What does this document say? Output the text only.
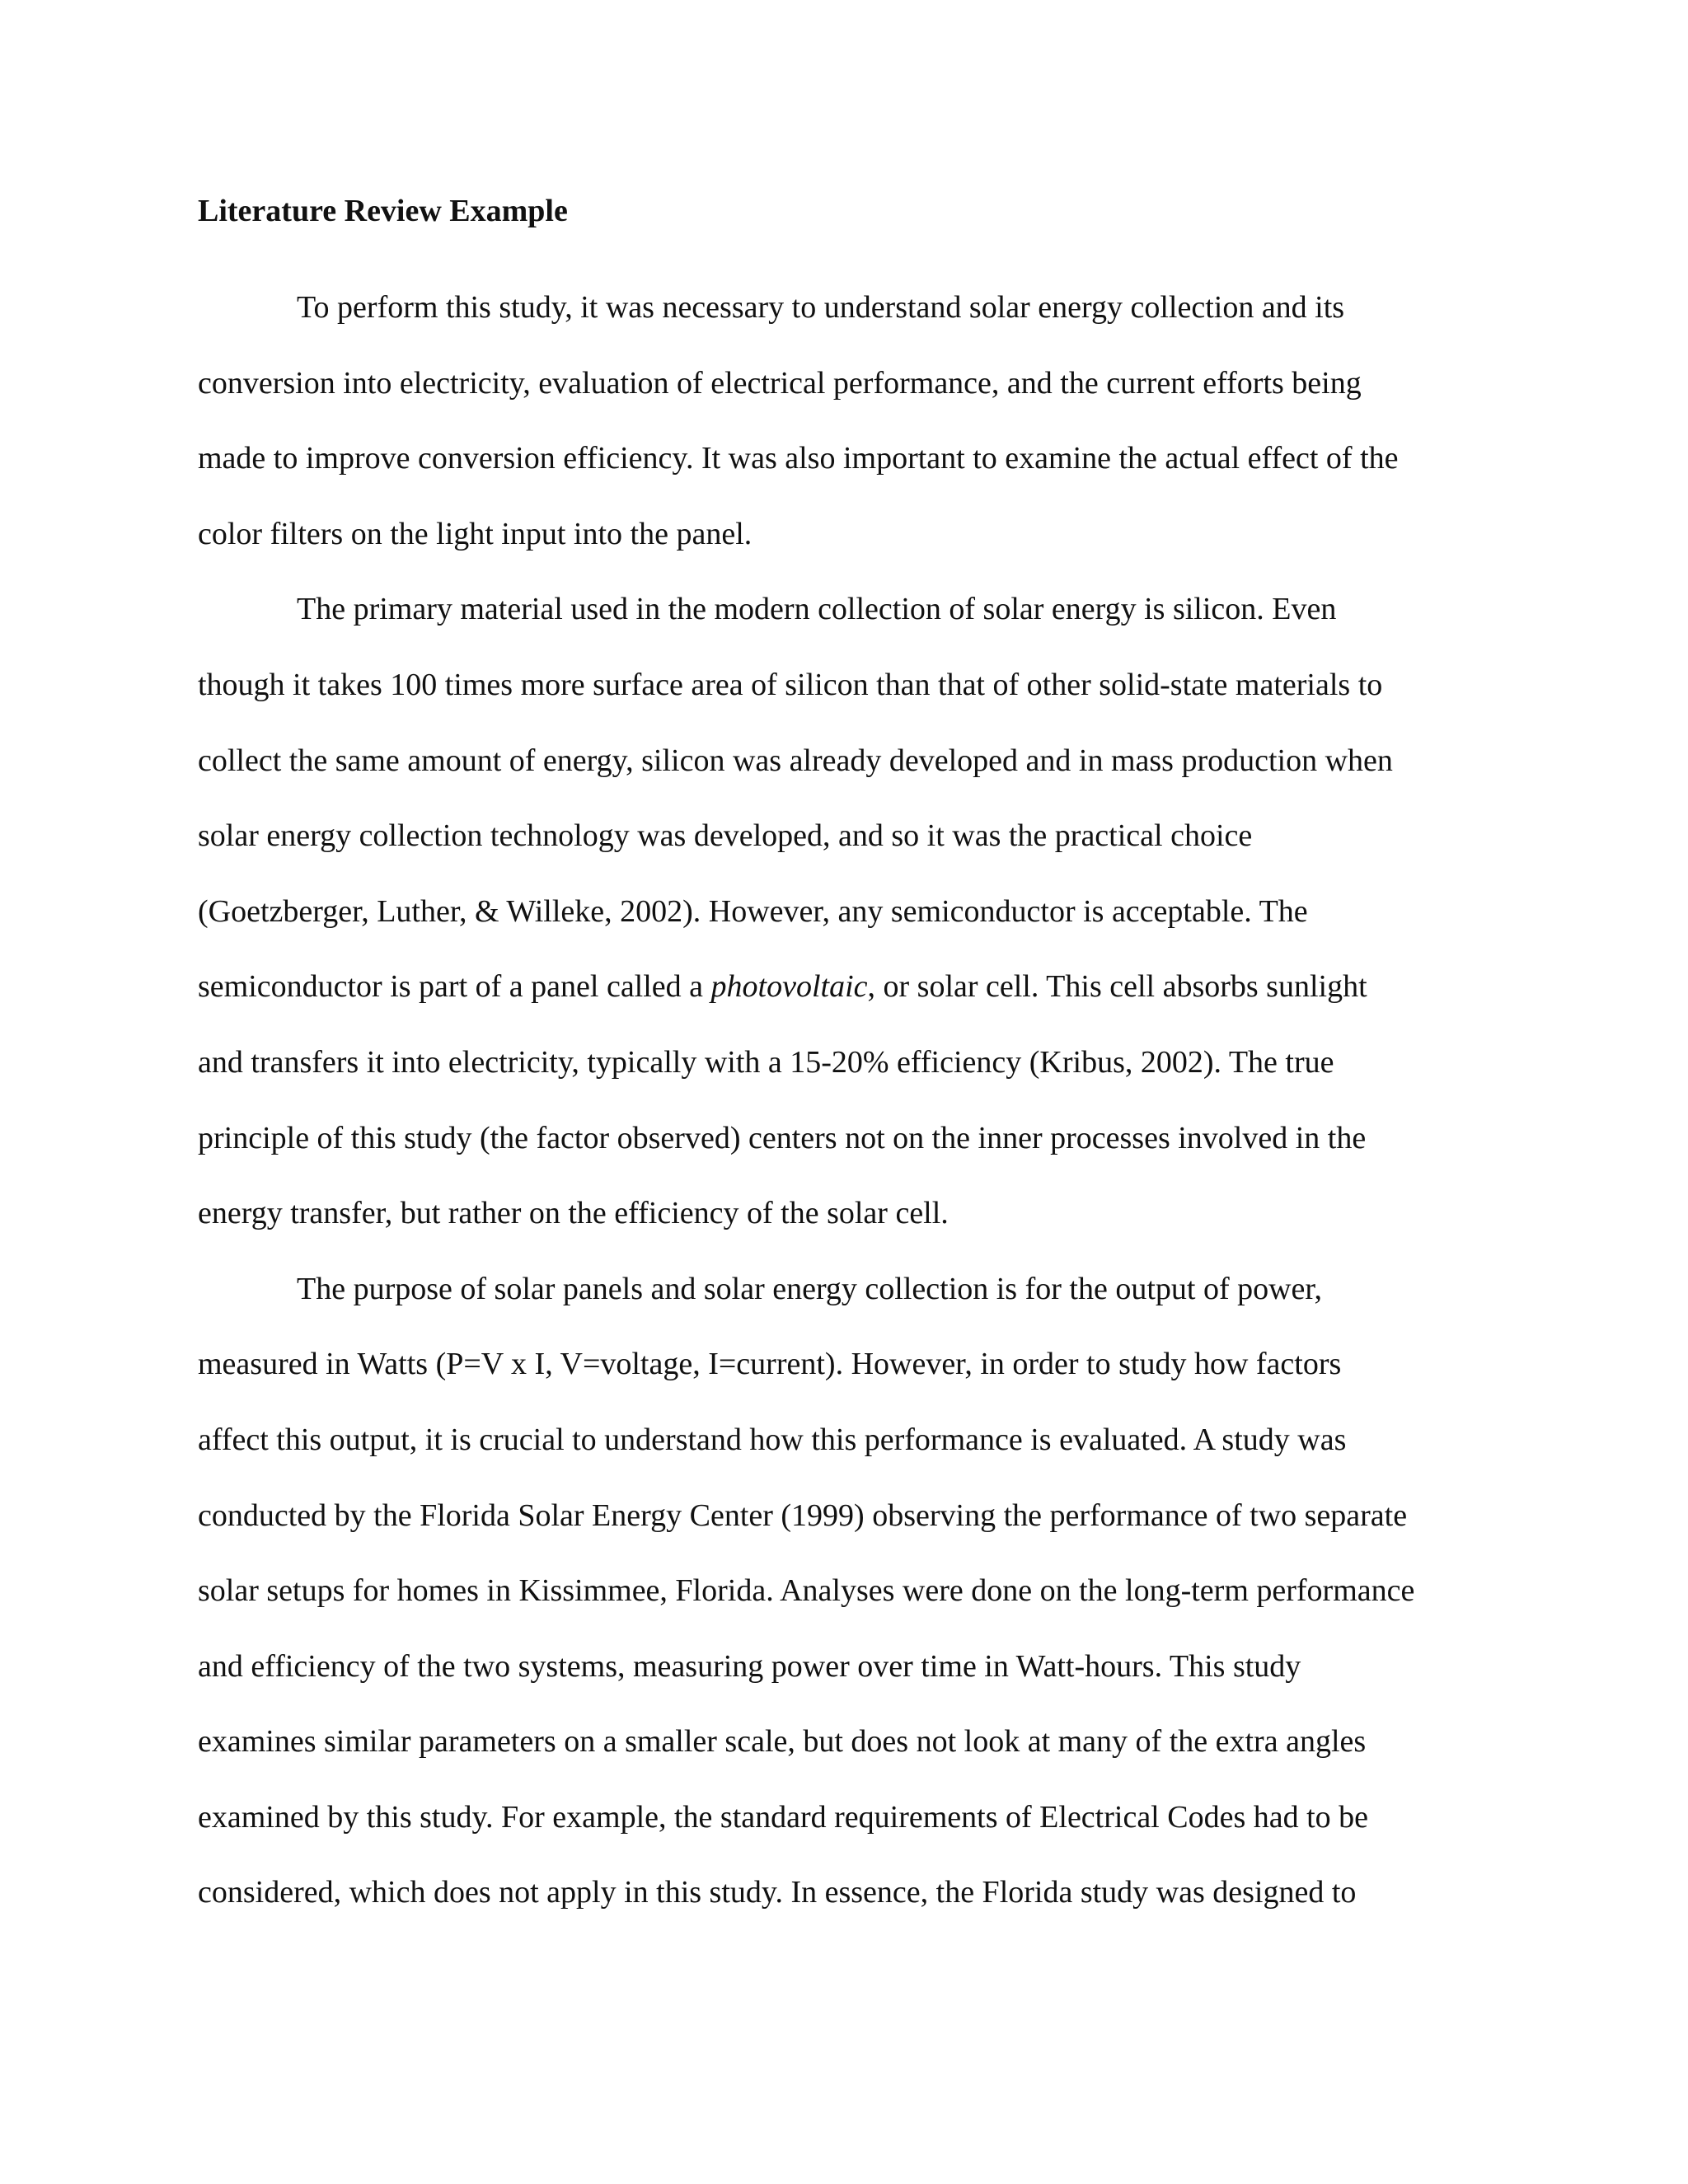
Literature Review Example

To perform this study, it was necessary to understand solar energy collection and its
conversion into electricity, evaluation of electrical performance, and the current efforts being
made to improve conversion efficiency. It was also important to examine the actual effect of the
color filters on the light input into the panel.

The primary material used in the modern collection of solar energy is silicon. Even
though it takes 100 times more surface area of silicon than that of other solid-state materials to
collect the same amount of energy, silicon was already developed and in mass production when
solar energy collection technology was developed, and so it was the practical choice
(Goetzberger, Luther, & Willeke, 2002). However, any semiconductor is acceptable. The
semiconductor is part of a panel called a photovoltaic, or solar cell. This cell absorbs sunlight
and transfers it into electricity, typically with a 15-20% efficiency (Kribus, 2002). The true
principle of this study (the factor observed) centers not on the inner processes involved in the
energy transfer, but rather on the efficiency of the solar cell.

The purpose of solar panels and solar energy collection is for the output of power,
measured in Watts (P=V x I, V=voltage, I=current). However, in order to study how factors
affect this output, it is crucial to understand how this performance is evaluated. A study was
conducted by the Florida Solar Energy Center (1999) observing the performance of two separate
solar setups for homes in Kissimmee, Florida. Analyses were done on the long-term performance
and efficiency of the two systems, measuring power over time in Watt-hours. This study
examines similar parameters on a smaller scale, but does not look at many of the extra angles
examined by this study. For example, the standard requirements of Electrical Codes had to be
considered, which does not apply in this study. In essence, the Florida study was designed to
